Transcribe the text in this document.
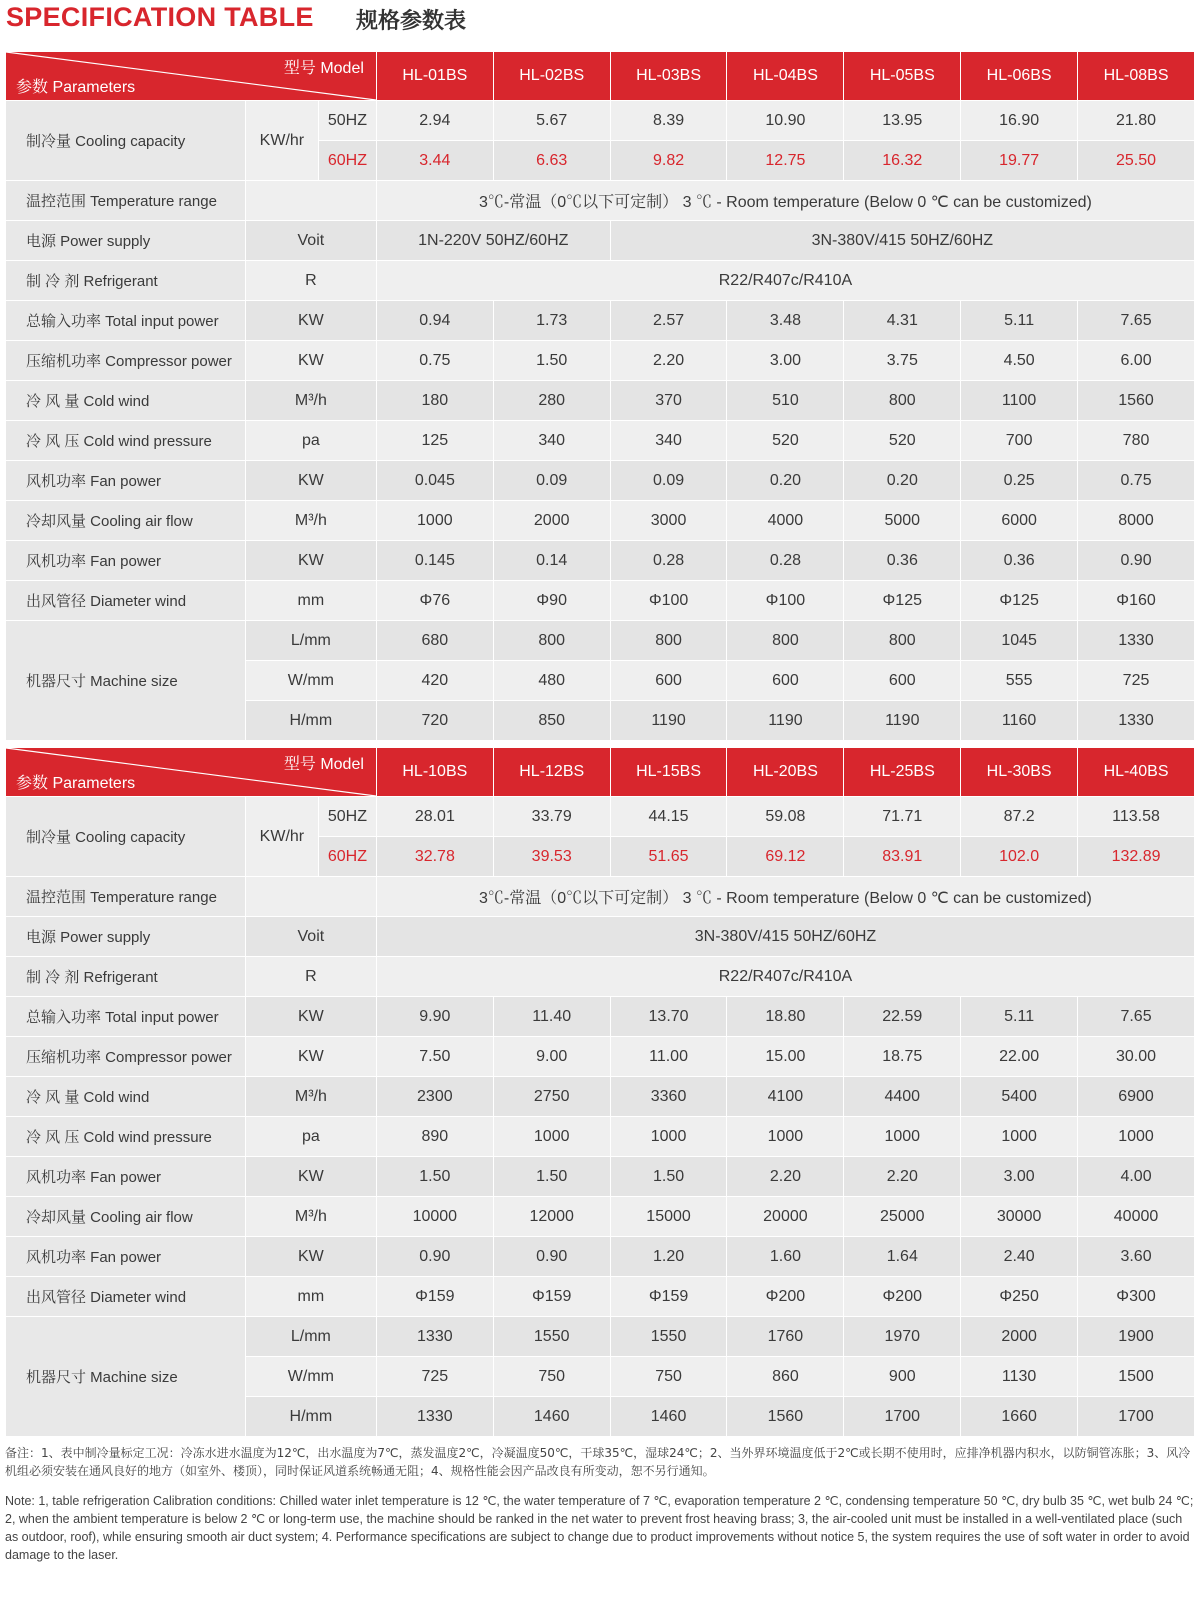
SPECIFICATION TABLE 规格参数表
型号 Model
参数 Parameters			HL-01BS	HL-02BS	HL-03BS	HL-04BS	HL-05BS	HL-06BS	HL-08BS
制冷量 Cooling capacity	KW/hr	50HZ	2.94	5.67	8.39	10.90	13.95	16.90	21.80
		60HZ	3.44	6.63	9.82	12.75	16.32	19.77	25.50
温控范围 Temperature range			3℃-常温（0℃以下可定制） 3 ℃ - Room temperature (Below 0 ℃ can be customized)						
电源 Power supply	Voit		1N-220V 50HZ/60HZ		3N-380V/415 50HZ/60HZ				
制 冷 剂 Refrigerant	R		R22/R407c/R410A						
总输入功率 Total input power	KW		0.94	1.73	2.57	3.48	4.31	5.11	7.65
压缩机功率 Compressor power	KW		0.75	1.50	2.20	3.00	3.75	4.50	6.00
冷 风 量 Cold wind	M³/h		180	280	370	510	800	1100	1560
冷 风 压 Cold wind pressure	pa		125	340	340	520	520	700	780
风机功率 Fan power	KW		0.045	0.09	0.09	0.20	0.20	0.25	0.75
冷却风量 Cooling air flow	M³/h		1000	2000	3000	4000	5000	6000	8000
风机功率 Fan power	KW		0.145	0.14	0.28	0.28	0.36	0.36	0.90
出风管径 Diameter wind	mm		Φ76	Φ90	Φ100	Φ100	Φ125	Φ125	Φ160
机器尺寸 Machine size	L/mm		680	800	800	800	800	1045	1330
	W/mm		420	480	600	600	600	555	725
	H/mm		720	850	1190	1190	1190	1160	1330
型号 Model
参数 Parameters			HL-10BS	HL-12BS	HL-15BS	HL-20BS	HL-25BS	HL-30BS	HL-40BS
制冷量 Cooling capacity	KW/hr	50HZ	28.01	33.79	44.15	59.08	71.71	87.2	113.58
		60HZ	32.78	39.53	51.65	69.12	83.91	102.0	132.89
温控范围 Temperature range			3℃-常温（0℃以下可定制） 3 ℃ - Room temperature (Below 0 ℃ can be customized)						
电源 Power supply	Voit		3N-380V/415 50HZ/60HZ						
制 冷 剂 Refrigerant	R		R22/R407c/R410A						
总输入功率 Total input power	KW		9.90	11.40	13.70	18.80	22.59	5.11	7.65
压缩机功率 Compressor power	KW		7.50	9.00	11.00	15.00	18.75	22.00	30.00
冷 风 量 Cold wind	M³/h		2300	2750	3360	4100	4400	5400	6900
冷 风 压 Cold wind pressure	pa		890	1000	1000	1000	1000	1000	1000
风机功率 Fan power	KW		1.50	1.50	1.50	2.20	2.20	3.00	4.00
冷却风量 Cooling air flow	M³/h		10000	12000	15000	20000	25000	30000	40000
风机功率 Fan power	KW		0.90	0.90	1.20	1.60	1.64	2.40	3.60
出风管径 Diameter wind	mm		Φ159	Φ159	Φ159	Φ200	Φ200	Φ250	Φ300
机器尺寸 Machine size	L/mm		1330	1550	1550	1760	1970	2000	1900
	W/mm		725	750	750	860	900	1130	1500
	H/mm		1330	1460	1460	1560	1700	1660	1700
备注：1、表中制冷量标定工况：冷冻水进水温度为12℃，出水温度为7℃，蒸发温度2℃，冷凝温度50℃，干球35℃，湿球24℃；2、当外界环境温度低于2℃或长期不使用时，应排净机器内积水，以防铜管冻胀；3、风冷机组必须安装在通风良好的地方（如室外、楼顶），同时保证风道系统畅通无阻；4、规格性能会因产品改良有所变动，恕不另行通知。
Note: 1, table refrigeration Calibration conditions: Chilled water inlet temperature is 12 ℃, the water temperature of 7 ℃, evaporation temperature 2 ℃, condensing temperature 50 ℃, dry bulb 35 ℃, wet bulb 24 ℃; 2, when the ambient temperature is below 2 ℃ or long-term use, the machine should be ranked in the net water to prevent frost heaving brass; 3, the air-cooled unit must be installed in a well-ventilated place (such as outdoor, roof), while ensuring smooth air duct system; 4. Performance specifications are subject to change due to product improvements without notice 5, the system requires the use of soft water in order to avoid damage to the laser.
